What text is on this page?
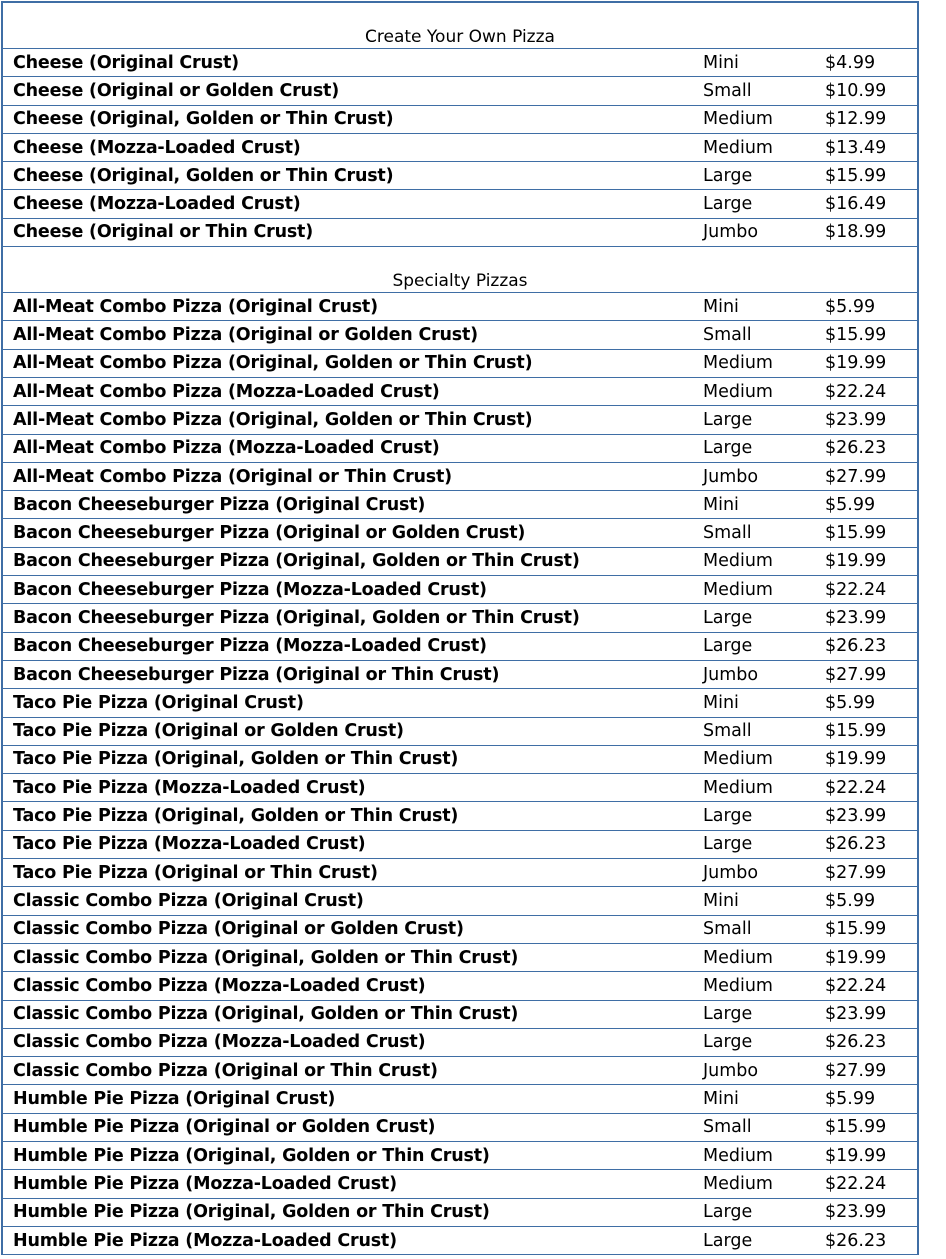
Create Your Own Pizza
Cheese (Original Crust)	Mini	$4.99
Cheese (Original or Golden Crust)	Small	$10.99
Cheese (Original, Golden or Thin Crust)	Medium	$12.99
Cheese (Mozza-Loaded Crust)	Medium	$13.49
Cheese (Original, Golden or Thin Crust)	Large	$15.99
Cheese (Mozza-Loaded Crust)	Large	$16.49
Cheese (Original or Thin Crust)	Jumbo	$18.99
Specialty Pizzas
All-Meat Combo Pizza (Original Crust)	Mini	$5.99
All-Meat Combo Pizza (Original or Golden Crust)	Small	$15.99
All-Meat Combo Pizza (Original, Golden or Thin Crust)	Medium	$19.99
All-Meat Combo Pizza (Mozza-Loaded Crust)	Medium	$22.24
All-Meat Combo Pizza (Original, Golden or Thin Crust)	Large	$23.99
All-Meat Combo Pizza (Mozza-Loaded Crust)	Large	$26.23
All-Meat Combo Pizza (Original or Thin Crust)	Jumbo	$27.99
Bacon Cheeseburger Pizza (Original Crust)	Mini	$5.99
Bacon Cheeseburger Pizza (Original or Golden Crust)	Small	$15.99
Bacon Cheeseburger Pizza (Original, Golden or Thin Crust)	Medium	$19.99
Bacon Cheeseburger Pizza (Mozza-Loaded Crust)	Medium	$22.24
Bacon Cheeseburger Pizza (Original, Golden or Thin Crust)	Large	$23.99
Bacon Cheeseburger Pizza (Mozza-Loaded Crust)	Large	$26.23
Bacon Cheeseburger Pizza (Original or Thin Crust)	Jumbo	$27.99
Taco Pie Pizza (Original Crust)	Mini	$5.99
Taco Pie Pizza (Original or Golden Crust)	Small	$15.99
Taco Pie Pizza (Original, Golden or Thin Crust)	Medium	$19.99
Taco Pie Pizza (Mozza-Loaded Crust)	Medium	$22.24
Taco Pie Pizza (Original, Golden or Thin Crust)	Large	$23.99
Taco Pie Pizza (Mozza-Loaded Crust)	Large	$26.23
Taco Pie Pizza (Original or Thin Crust)	Jumbo	$27.99
Classic Combo Pizza (Original Crust)	Mini	$5.99
Classic Combo Pizza (Original or Golden Crust)	Small	$15.99
Classic Combo Pizza (Original, Golden or Thin Crust)	Medium	$19.99
Classic Combo Pizza (Mozza-Loaded Crust)	Medium	$22.24
Classic Combo Pizza (Original, Golden or Thin Crust)	Large	$23.99
Classic Combo Pizza (Mozza-Loaded Crust)	Large	$26.23
Classic Combo Pizza (Original or Thin Crust)	Jumbo	$27.99
Humble Pie Pizza (Original Crust)	Mini	$5.99
Humble Pie Pizza (Original or Golden Crust)	Small	$15.99
Humble Pie Pizza (Original, Golden or Thin Crust)	Medium	$19.99
Humble Pie Pizza (Mozza-Loaded Crust)	Medium	$22.24
Humble Pie Pizza (Original, Golden or Thin Crust)	Large	$23.99
Humble Pie Pizza (Mozza-Loaded Crust)	Large	$26.23
